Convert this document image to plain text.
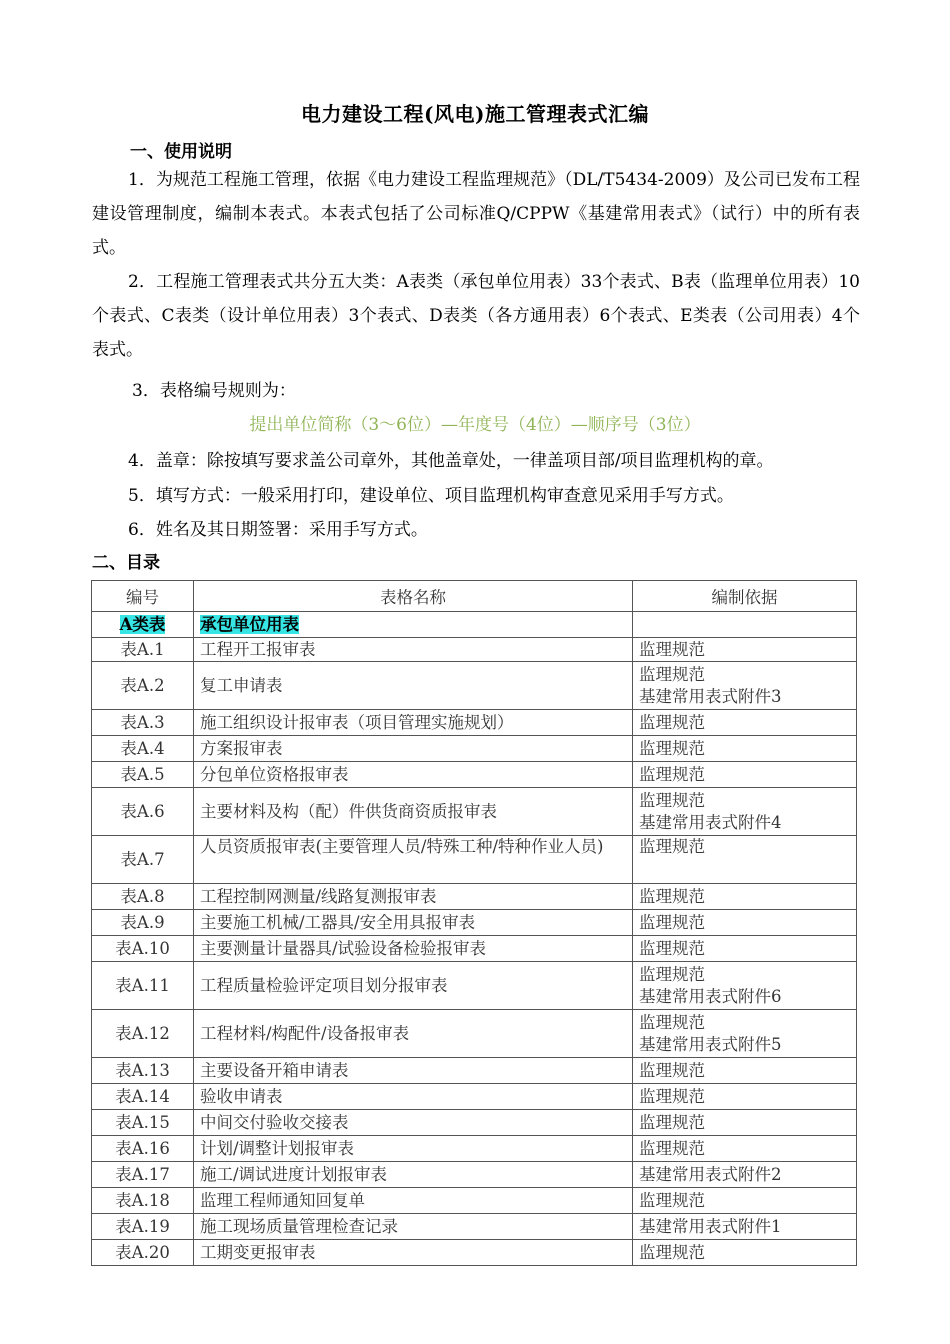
电力建设工程(风电)施工管理表式汇编
一、使用说明
1．为规范工程施工管理，依据《电力建设工程监理规范》（DL/T5434-2009）及公司已发布工程建设管理制度，编制本表式。本表式包括了公司标准Q/CPPW《基建常用表式》（试行）中的所有表式。
2．工程施工管理表式共分五大类：A表类（承包单位用表）33个表式、B表（监理单位用表）10个表式、C表类（设计单位用表）3个表式、D表类（各方通用表）6个表式、E类表（公司用表）4个表式。
3．表格编号规则为：
提出单位简称（3～6位）—年度号（4位）—顺序号（3位）
4．盖章：除按填写要求盖公司章外，其他盖章处，一律盖项目部/项目监理机构的章。
5．填写方式：一般采用打印，建设单位、项目监理机构审查意见采用手写方式。
6．姓名及其日期签署：采用手写方式。
二、目录
编号	表格名称	编制依据
A类表	承包单位用表	
表A.1	工程开工报审表	监理规范
表A.2	复工申请表	监理规范
基建常用表式附件3
表A.3	施工组织设计报审表（项目管理实施规划）	监理规范
表A.4	方案报审表	监理规范
表A.5	分包单位资格报审表	监理规范
表A.6	主要材料及构（配）件供货商资质报审表	监理规范
基建常用表式附件4
表A.7	人员资质报审表(主要管理人员/特殊工种/特种作业人员)	监理规范
表A.8	工程控制网测量/线路复测报审表	监理规范
表A.9	主要施工机械/工器具/安全用具报审表	监理规范
表A.10	主要测量计量器具/试验设备检验报审表	监理规范
表A.11	工程质量检验评定项目划分报审表	监理规范
基建常用表式附件6
表A.12	工程材料/构配件/设备报审表	监理规范
基建常用表式附件5
表A.13	主要设备开箱申请表	监理规范
表A.14	验收申请表	监理规范
表A.15	中间交付验收交接表	监理规范
表A.16	计划/调整计划报审表	监理规范
表A.17	施工/调试进度计划报审表	基建常用表式附件2
表A.18	监理工程师通知回复单	监理规范
表A.19	施工现场质量管理检查记录	基建常用表式附件1
表A.20	工期变更报审表	监理规范
